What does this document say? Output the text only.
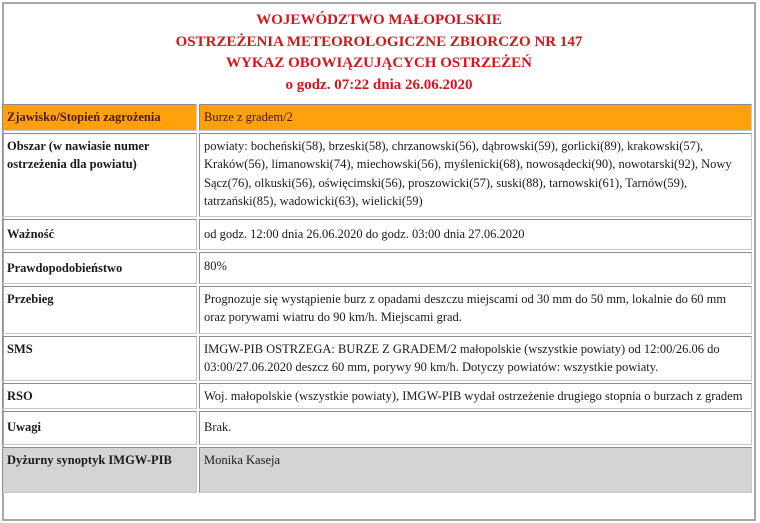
WOJEWÓDZTWO MAŁOPOLSKIE
OSTRZEŻENIA METEOROLOGICZNE ZBIORCZO NR 147
WYKAZ OBOWIĄZUJĄCYCH OSTRZEŻEŃ
o godz. 07:22 dnia 26.06.2020
Zjawisko/Stopień zagrożenia	Burze z gradem/2
Obszar (w nawiasie numer ostrzeżenia dla powiatu)	powiaty: bocheński(58), brzeski(58), chrzanowski(56), dąbrowski(59), gorlicki(89), krakowski(57), Kraków(56), limanowski(74), miechowski(56), myślenicki(68), nowosądecki(90), nowotarski(92), Nowy Sącz(76), olkuski(56), oświęcimski(56), proszowicki(57), suski(88), tarnowski(61), Tarnów(59), tatrzański(85), wadowicki(63), wielicki(59)
Ważność	od godz. 12:00 dnia 26.06.2020 do godz. 03:00 dnia 27.06.2020
Prawdopodobieństwo	80%
Przebieg	Prognozuje się wystąpienie burz z opadami deszczu miejscami od 30 mm do 50 mm, lokalnie do 60 mm oraz porywami wiatru do 90 km/h. Miejscami grad.
SMS	IMGW-PIB OSTRZEGA: BURZE Z GRADEM/2 małopolskie (wszystkie powiaty) od 12:00/26.06 do 03:00/27.06.2020 deszcz 60 mm, porywy 90 km/h. Dotyczy powiatów: wszystkie powiaty.
RSO	Woj. małopolskie (wszystkie powiaty), IMGW-PIB wydał ostrzeżenie drugiego stopnia o burzach z gradem
Uwagi	Brak.
Dyżurny synoptyk IMGW-PIB	Monika Kaseja
